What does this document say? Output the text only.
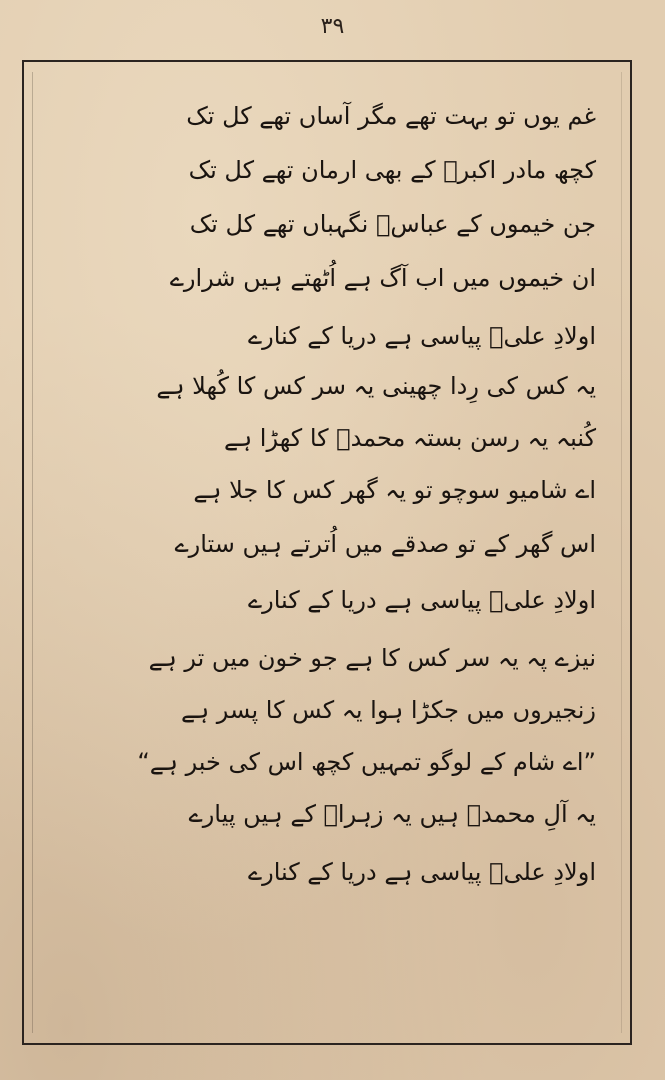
۳۹
غم یوں تو بہت تھے مگر آساں تھے کل تک
کچھ مادر اکبرؑ کے بھی ارمان تھے کل تک
جن خیموں کے عباسؑ نگہباں تھے کل تک
ان خیموں میں اب آگ ہے اُٹھتے ہیں شرارے
اولادِ علیؑ پیاسی ہے دریا کے کنارے
یہ کس کی رِدا چھینی یہ سر کس کا کُھلا ہے
کُنبہ یہ رسن بستہ محمدؐ کا کھڑا ہے
اے شامیو سوچو تو یہ گھر کس کا جلا ہے
اس گھر کے تو صدقے میں اُترتے ہیں ستارے
اولادِ علیؑ پیاسی ہے دریا کے کنارے
نیزے پہ یہ سر کس کا ہے جو خون میں تر ہے
زنجیروں میں جکڑا ہوا یہ کس کا پسر ہے
”اے شام کے لوگو تمہیں کچھ اس کی خبر ہے“
یہ آلِ محمدؐ ہیں یہ زہراؑ کے ہیں پیارے
اولادِ علیؑ پیاسی ہے دریا کے کنارے
